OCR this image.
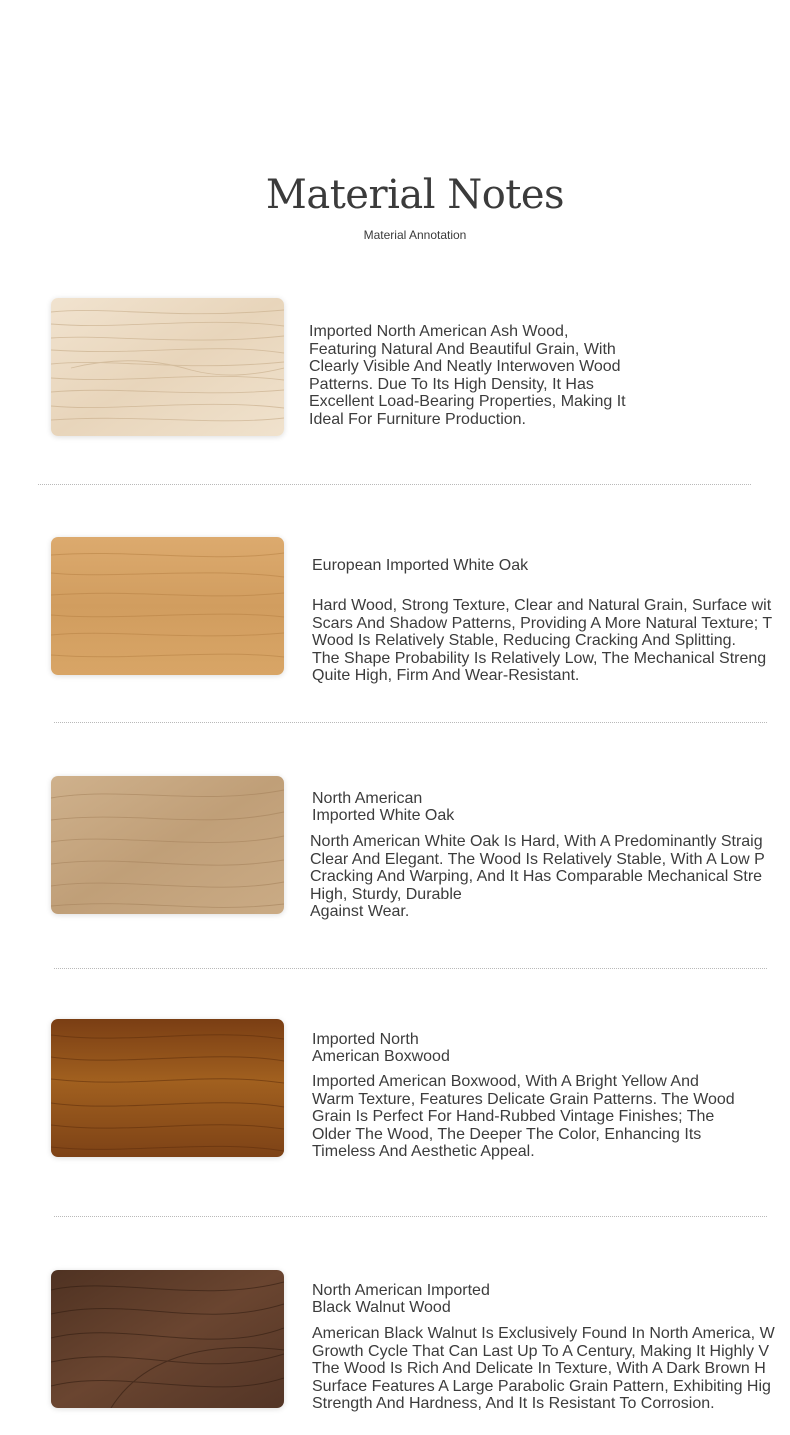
Material Notes
Material Annotation

Imported North American Ash Wood,
Featuring Natural And Beautiful Grain, With
Clearly Visible And Neatly Interwoven Wood
Patterns. Due To Its High Density, It Has
Excellent Load-Bearing Properties, Making It
Ideal For Furniture Production.

European Imported White Oak

Hard Wood, Strong Texture, Clear and Natural Grain, Surface wit
Scars And Shadow Patterns, Providing A More Natural Texture; T
Wood Is Relatively Stable, Reducing Cracking And Splitting.
The Shape Probability Is Relatively Low, The Mechanical Streng
Quite High, Firm And Wear-Resistant.

North American
Imported White Oak

North American White Oak Is Hard, With A Predominantly Straig
Clear And Elegant. The Wood Is Relatively Stable, With A Low P
Cracking And Warping, And It Has Comparable Mechanical Stre
High, Sturdy, Durable
Against Wear.

Imported North
American Boxwood

Imported American Boxwood, With A Bright Yellow And
Warm Texture, Features Delicate Grain Patterns. The Wood
Grain Is Perfect For Hand-Rubbed Vintage Finishes; The
Older The Wood, The Deeper The Color, Enhancing Its
Timeless And Aesthetic Appeal.

North American Imported
Black Walnut Wood

American Black Walnut Is Exclusively Found In North America, W
Growth Cycle That Can Last Up To A Century, Making It Highly V
The Wood Is Rich And Delicate In Texture, With A Dark Brown H
Surface Features A Large Parabolic Grain Pattern, Exhibiting Hig
Strength And Hardness, And It Is Resistant To Corrosion.
